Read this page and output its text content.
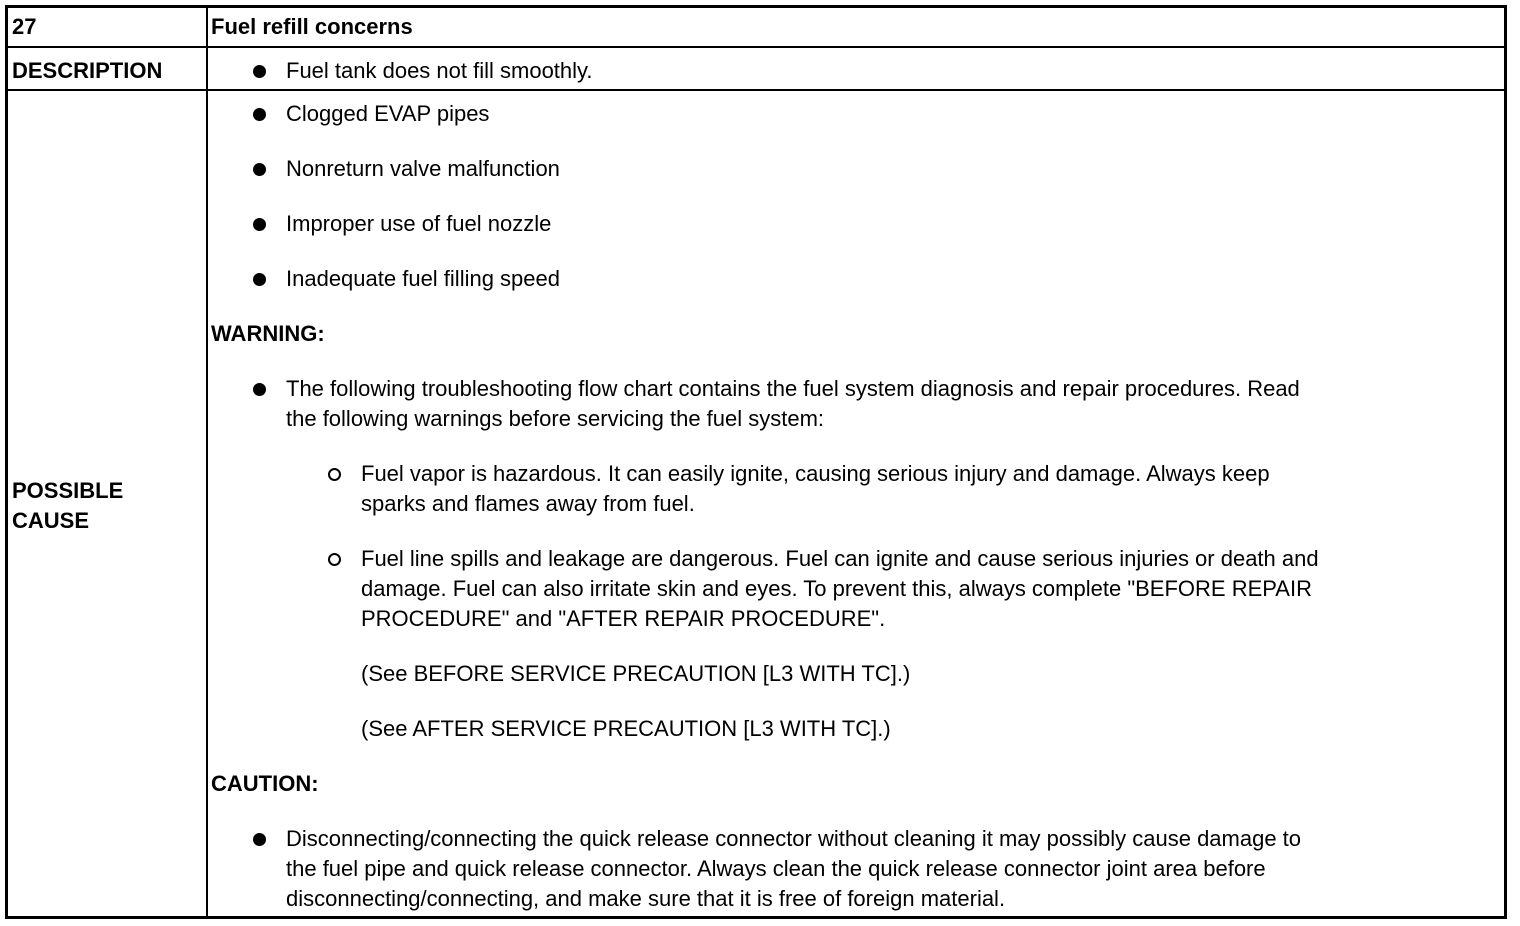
27	Fuel refill concerns
DESCRIPTION	Fuel tank does not fill smoothly.
POSSIBLE
CAUSE
Clogged EVAP pipes
Nonreturn valve malfunction
Improper use of fuel nozzle
Inadequate fuel filling speed
WARNING:
The following troubleshooting flow chart contains the fuel system diagnosis and repair procedures. Read
the following warnings before servicing the fuel system:
Fuel vapor is hazardous. It can easily ignite, causing serious injury and damage. Always keep
sparks and flames away from fuel.
Fuel line spills and leakage are dangerous. Fuel can ignite and cause serious injuries or death and
damage. Fuel can also irritate skin and eyes. To prevent this, always complete "BEFORE REPAIR
PROCEDURE" and "AFTER REPAIR PROCEDURE".
(See BEFORE SERVICE PRECAUTION [L3 WITH TC].)
(See AFTER SERVICE PRECAUTION [L3 WITH TC].)
CAUTION:
Disconnecting/connecting the quick release connector without cleaning it may possibly cause damage to
the fuel pipe and quick release connector. Always clean the quick release connector joint area before
disconnecting/connecting, and make sure that it is free of foreign material.
